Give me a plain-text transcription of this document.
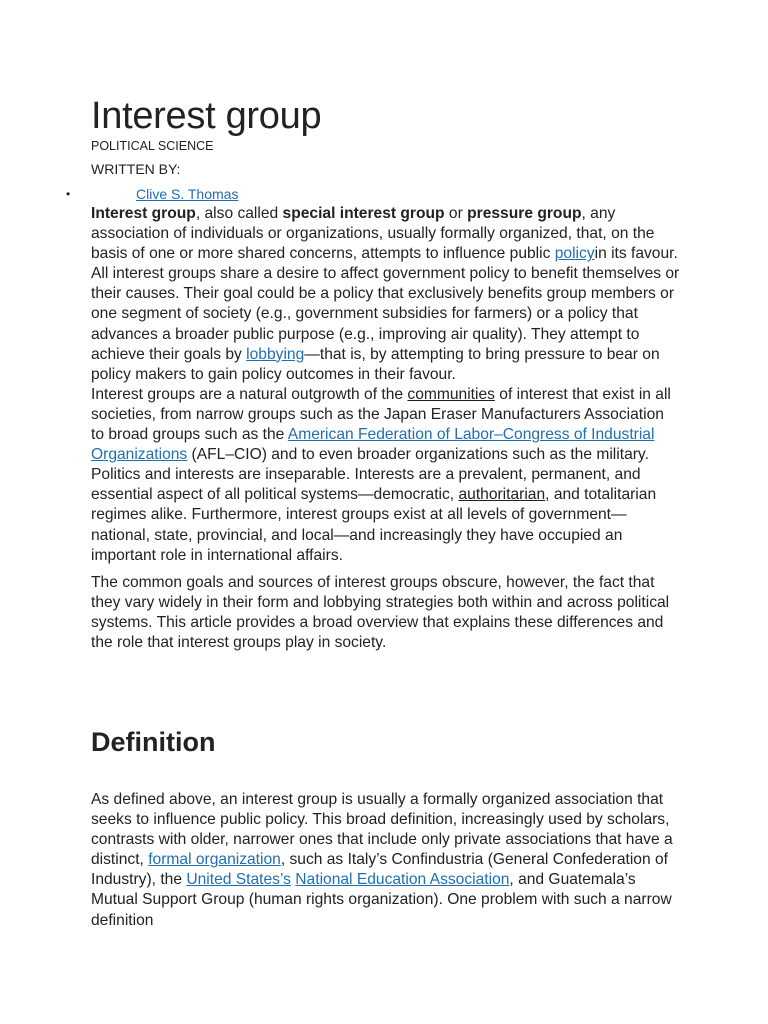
Interest group
POLITICAL SCIENCE
WRITTEN BY:
•	Clive S. Thomas

Interest group, also called special interest group or pressure group, any association of individuals or organizations, usually formally organized, that, on the basis of one or more shared concerns, attempts to influence public policyin its favour. All interest groups share a desire to affect government policy to benefit themselves or their causes. Their goal could be a policy that exclusively benefits group members or one segment of society (e.g., government subsidies for farmers) or a policy that advances a broader public purpose (e.g., improving air quality). They attempt to achieve their goals by lobbying—that is, by attempting to bring pressure to bear on policy makers to gain policy outcomes in their favour.

Interest groups are a natural outgrowth of the communities of interest that exist in all societies, from narrow groups such as the Japan Eraser Manufacturers Association to broad groups such as the American Federation of Labor–Congress of Industrial Organizations (AFL–CIO) and to even broader organizations such as the military. Politics and interests are inseparable. Interests are a prevalent, permanent, and essential aspect of all political systems—democratic, authoritarian, and totalitarian regimes alike. Furthermore, interest groups exist at all levels of government—national, state, provincial, and local—and increasingly they have occupied an important role in international affairs.

The common goals and sources of interest groups obscure, however, the fact that they vary widely in their form and lobbying strategies both within and across political systems. This article provides a broad overview that explains these differences and the role that interest groups play in society.

Definition

As defined above, an interest group is usually a formally organized association that seeks to influence public policy. This broad definition, increasingly used by scholars, contrasts with older, narrower ones that include only private associations that have a distinct, formal organization, such as Italy’s Confindustria (General Confederation of Industry), the United States’s National Education Association, and Guatemala’s Mutual Support Group (human rights organization). One problem with such a narrow definition
